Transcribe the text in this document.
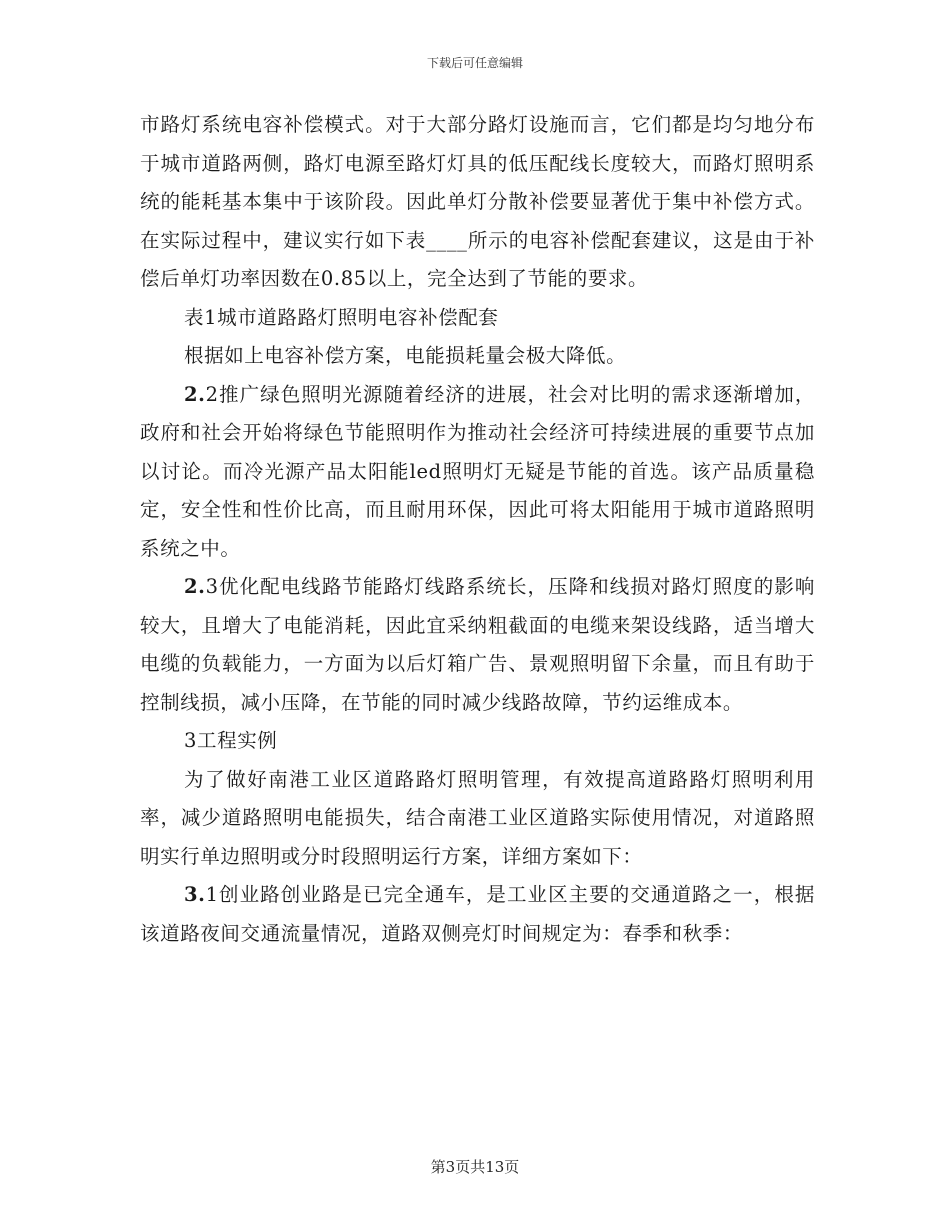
下载后可任意编辑

市路灯系统电容补偿模式。对于大部分路灯设施而言，它们都是均匀地分布于城市道路两侧，路灯电源至路灯灯具的低压配线长度较大，而路灯照明系统的能耗基本集中于该阶段。因此单灯分散补偿要显著优于集中补偿方式。在实际过程中，建议实行如下表____所示的电容补偿配套建议，这是由于补偿后单灯功率因数在0.85以上，完全达到了节能的要求。

表1城市道路路灯照明电容补偿配套

根据如上电容补偿方案，电能损耗量会极大降低。

2.2推广绿色照明光源随着经济的进展，社会对比明的需求逐渐增加，政府和社会开始将绿色节能照明作为推动社会经济可持续进展的重要节点加以讨论。而冷光源产品太阳能led照明灯无疑是节能的首选。该产品质量稳定，安全性和性价比高，而且耐用环保，因此可将太阳能用于城市道路照明系统之中。

2.3优化配电线路节能路灯线路系统长，压降和线损对路灯照度的影响较大，且增大了电能消耗，因此宜采纳粗截面的电缆来架设线路，适当增大电缆的负载能力，一方面为以后灯箱广告、景观照明留下余量，而且有助于控制线损，减小压降，在节能的同时减少线路故障，节约运维成本。

3工程实例

为了做好南港工业区道路路灯照明管理，有效提高道路路灯照明利用率，减少道路照明电能损失，结合南港工业区道路实际使用情况，对道路照明实行单边照明或分时段照明运行方案，详细方案如下：

3.1创业路创业路是已完全通车，是工业区主要的交通道路之一，根据该道路夜间交通流量情况，道路双侧亮灯时间规定为：春季和秋季：

第3页共13页
